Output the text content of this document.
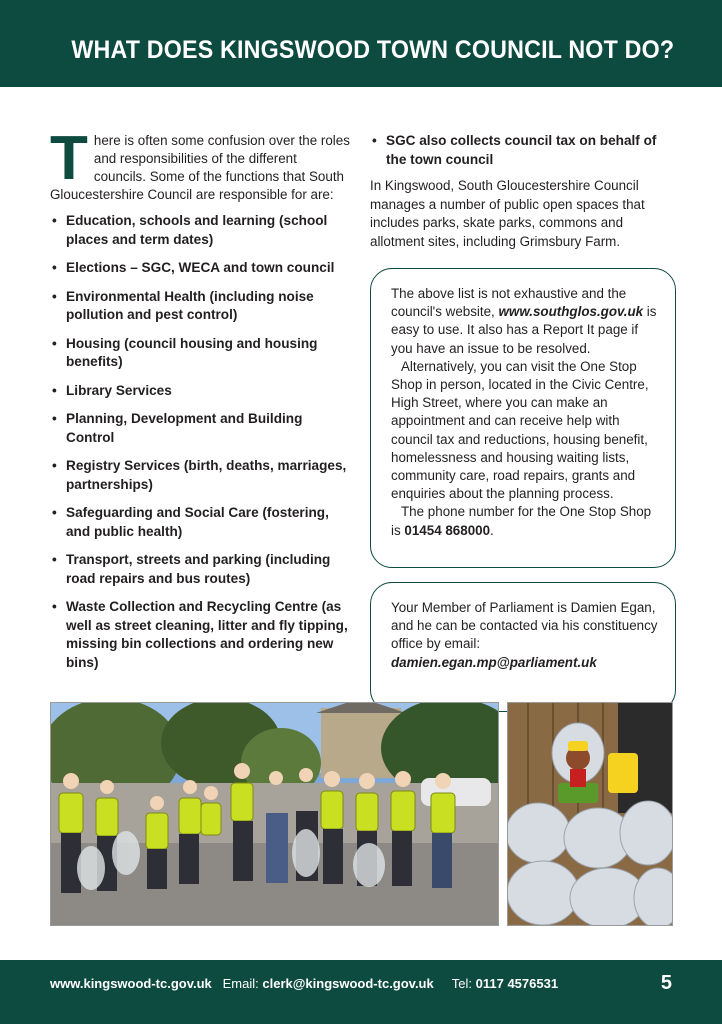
WHAT DOES KINGSWOOD TOWN COUNCIL NOT DO?

There is often some confusion over the roles and responsibilities of the different councils. Some of the functions that South Gloucestershire Council are responsible for are:

• Education, schools and learning (school places and term dates)
• Elections – SGC, WECA and town council
• Environmental Health (including noise pollution and pest control)
• Housing (council housing and housing benefits)
• Library Services
• Planning, Development and Building Control
• Registry Services (birth, deaths, marriages, partnerships)
• Safeguarding and Social Care (fostering, and public health)
• Transport, streets and parking (including road repairs and bus routes)
• Waste Collection and Recycling Centre (as well as street cleaning, litter and fly tipping, missing bin collections and ordering new bins)
• SGC also collects council tax on behalf of the town council

In Kingswood, South Gloucestershire Council manages a number of public open spaces that includes parks, skate parks, commons and allotment sites, including Grimsbury Farm.

The above list is not exhaustive and the council's website, www.southglos.gov.uk is easy to use. It also has a Report It page if you have an issue to be resolved.

Alternatively, you can visit the One Stop Shop in person, located in the Civic Centre, High Street, where you can make an appointment and can receive help with council tax and reductions, housing benefit, homelessness and housing waiting lists, community care, road repairs, grants and enquiries about the planning process.

The phone number for the One Stop Shop is 01454 868000.

Your Member of Parliament is Damien Egan, and he can be contacted via his constituency office by email:

damien.egan.mp@parliament.uk

www.kingswood-tc.gov.uk Email: clerk@kingswood-tc.gov.uk Tel: 0117 4576531	5
